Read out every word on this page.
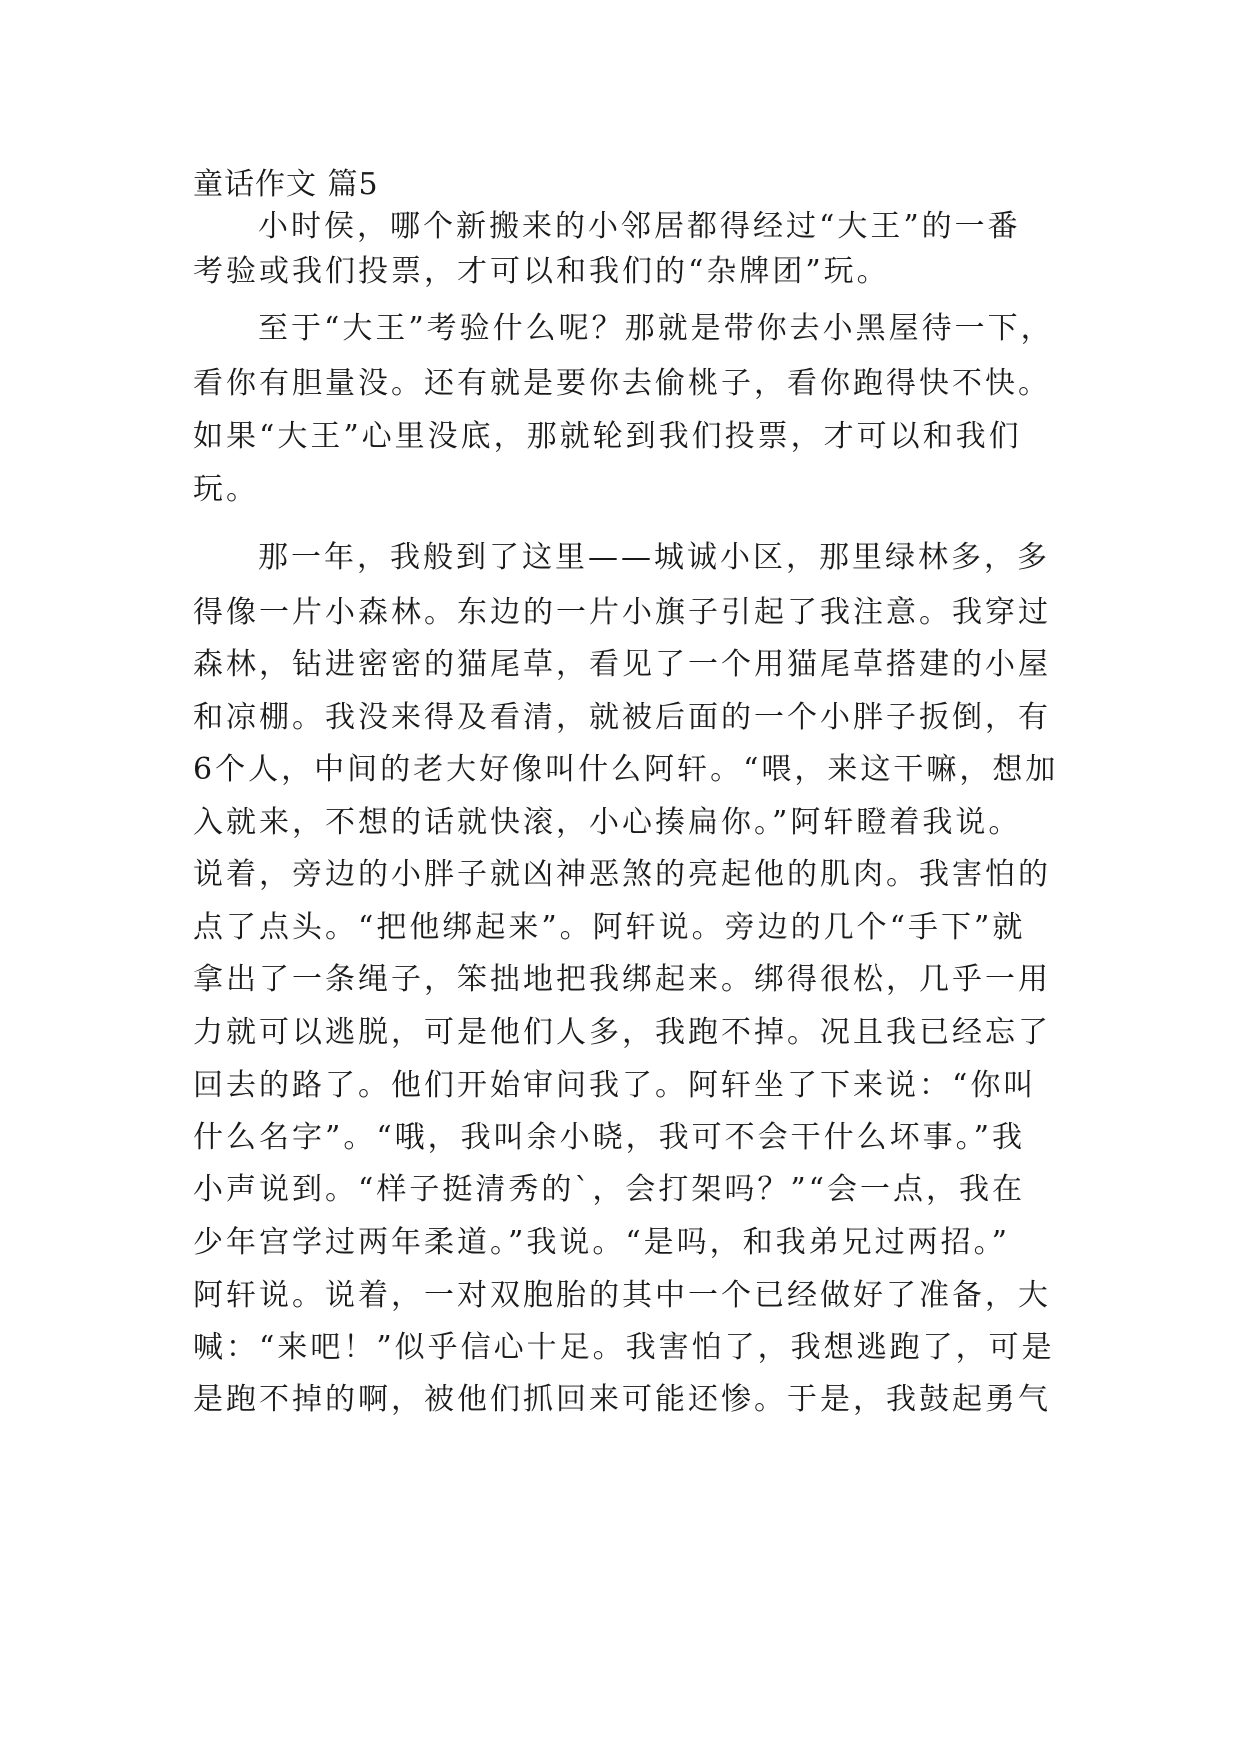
童话作文 篇5
小时侯，哪个新搬来的小邻居都得经过“大王”的一番
考验或我们投票，才可以和我们的“杂牌团”玩。
至于“大王”考验什么呢？那就是带你去小黑屋待一下，
看你有胆量没。还有就是要你去偷桃子，看你跑得快不快。
如果“大王”心里没底，那就轮到我们投票，才可以和我们
玩。
那一年，我般到了这里——城诚小区，那里绿林多，多
得像一片小森林。东边的一片小旗子引起了我注意。我穿过
森林，钻进密密的猫尾草，看见了一个用猫尾草搭建的小屋
和凉棚。我没来得及看清，就被后面的一个小胖子扳倒，有
6个人，中间的老大好像叫什么阿轩。“喂，来这干嘛，想加
入就来，不想的话就快滚，小心揍扁你。”阿轩瞪着我说。
说着，旁边的小胖子就凶神恶煞的亮起他的肌肉。我害怕的
点了点头。“把他绑起来”。阿轩说。旁边的几个“手下”就
拿出了一条绳子，笨拙地把我绑起来。绑得很松，几乎一用
力就可以逃脱，可是他们人多，我跑不掉。况且我已经忘了
回去的路了。他们开始审问我了。阿轩坐了下来说：“你叫
什么名字”。“哦，我叫余小晓，我可不会干什么坏事。”我
小声说到。“样子挺清秀的`，会打架吗？”“会一点，我在
少年宫学过两年柔道。”我说。“是吗，和我弟兄过两招。”
阿轩说。说着，一对双胞胎的其中一个已经做好了准备，大
喊：“来吧！”似乎信心十足。我害怕了，我想逃跑了，可是
是跑不掉的啊，被他们抓回来可能还惨。于是，我鼓起勇气
